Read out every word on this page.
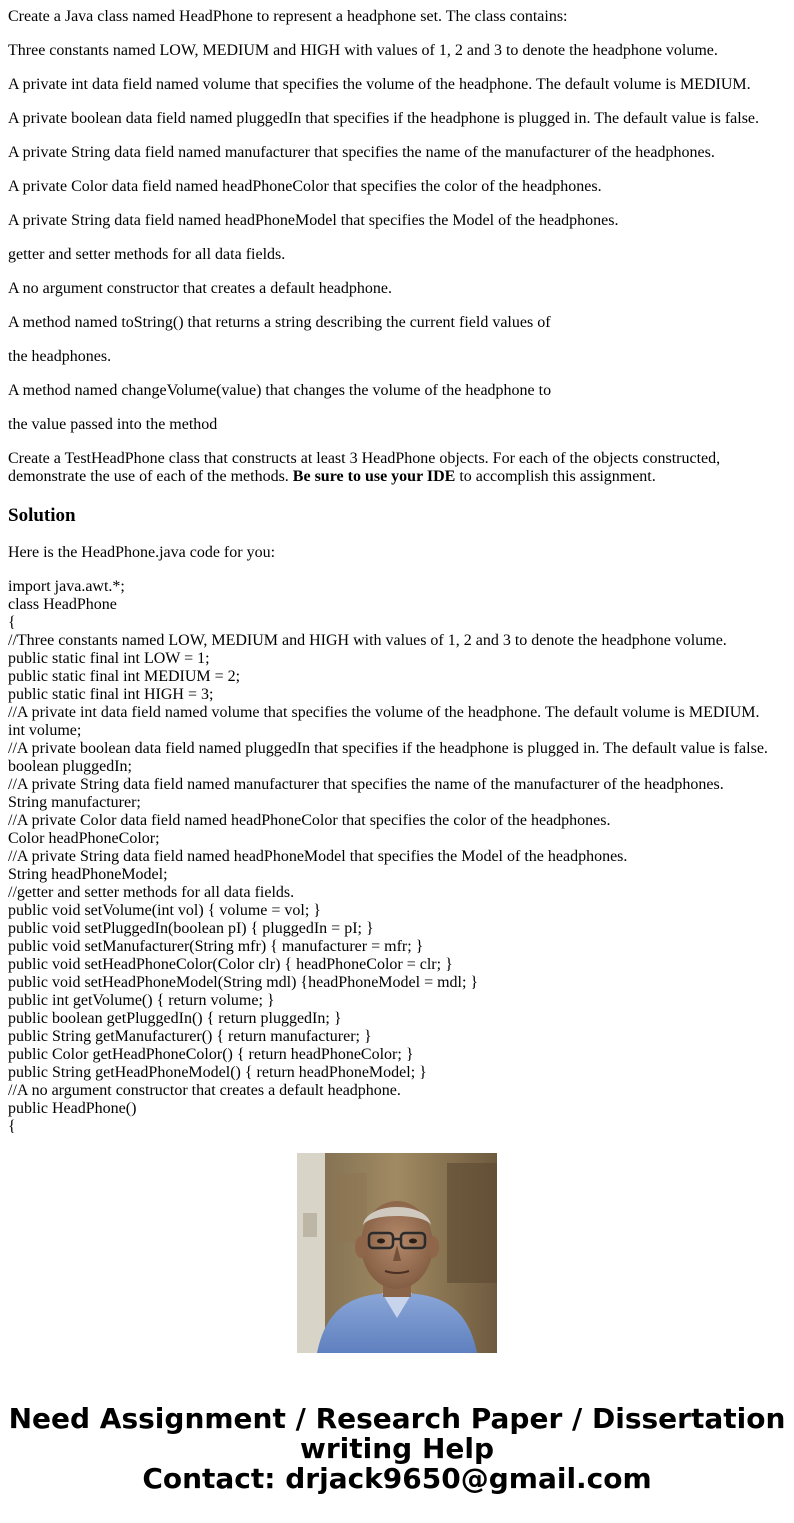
Create a Java class named HeadPhone to represent a headphone set. The class contains:

Three constants named LOW, MEDIUM and HIGH with values of 1, 2 and 3 to denote the headphone volume.

A private int data field named volume that specifies the volume of the headphone. The default volume is MEDIUM.

A private boolean data field named pluggedIn that specifies if the headphone is plugged in. The default value is false.

A private String data field named manufacturer that specifies the name of the manufacturer of the headphones.

A private Color data field named headPhoneColor that specifies the color of the headphones.

A private String data field named headPhoneModel that specifies the Model of the headphones.

getter and setter methods for all data fields.

A no argument constructor that creates a default headphone.

A method named toString() that returns a string describing the current field values of

the headphones.

A method named changeVolume(value) that changes the volume of the headphone to

the value passed into the method

Create a TestHeadPhone class that constructs at least 3 HeadPhone objects. For each of the objects constructed, demonstrate the use of each of the methods. Be sure to use your IDE to accomplish this assignment.

Solution

Here is the HeadPhone.java code for you:

import java.awt.*;
class HeadPhone
{
//Three constants named LOW, MEDIUM and HIGH with values of 1, 2 and 3 to denote the headphone volume.
public static final int LOW = 1;
public static final int MEDIUM = 2;
public static final int HIGH = 3;
//A private int data field named volume that specifies the volume of the headphone. The default volume is MEDIUM.
int volume;
//A private boolean data field named pluggedIn that specifies if the headphone is plugged in. The default value is false.
boolean pluggedIn;
//A private String data field named manufacturer that specifies the name of the manufacturer of the headphones.
String manufacturer;
//A private Color data field named headPhoneColor that specifies the color of the headphones.
Color headPhoneColor;
//A private String data field named headPhoneModel that specifies the Model of the headphones.
String headPhoneModel;
//getter and setter methods for all data fields.
public void setVolume(int vol) { volume = vol; }
public void setPluggedIn(boolean pI) { pluggedIn = pI; }
public void setManufacturer(String mfr) { manufacturer = mfr; }
public void setHeadPhoneColor(Color clr) { headPhoneColor = clr; }
public void setHeadPhoneModel(String mdl) {headPhoneModel = mdl; }
public int getVolume() { return volume; }
public boolean getPluggedIn() { return pluggedIn; }
public String getManufacturer() { return manufacturer; }
public Color getHeadPhoneColor() { return headPhoneColor; }
public String getHeadPhoneModel() { return headPhoneModel; }
//A no argument constructor that creates a default headphone.
public HeadPhone()
{
Need Assignment / Research Paper / Dissertation
writing Help
Contact: drjack9650@gmail.com
